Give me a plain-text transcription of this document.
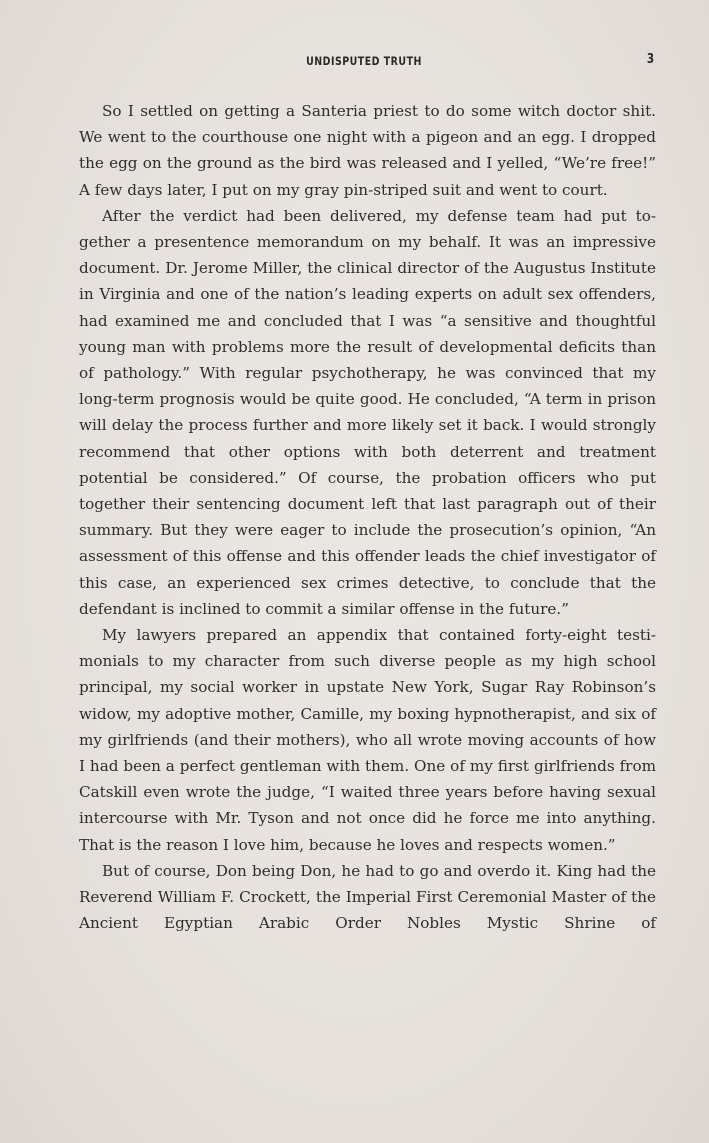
UNDISPUTED TRUTH	3

So I settled on getting a Santeria priest to do some witch doctor shit. We went to the courthouse one night with a pigeon and an egg. I dropped the egg on the ground as the bird was released and I yelled, “We’re free!” A few days later, I put on my gray pin-striped suit and went to court.

After the verdict had been delivered, my defense team had put together a presentence memorandum on my behalf. It was an impressive document. Dr. Jerome Miller, the clinical director of the Augustus Institute in Virginia and one of the nation’s leading experts on adult sex offenders, had examined me and concluded that I was “a sensitive and thoughtful young man with problems more the result of developmental deficits than of pathology.” With regular psychotherapy, he was convinced that my long-term prognosis would be quite good. He concluded, “A term in prison will delay the process further and more likely set it back. I would strongly recommend that other options with both deterrent and treatment potential be considered.” Of course, the probation officers who put together their sentencing document left that last paragraph out of their summary. But they were eager to include the prosecution’s opinion, “An assessment of this offense and this offender leads the chief investigator of this case, an experienced sex crimes detective, to conclude that the defendant is inclined to commit a similar offense in the future.”

My lawyers prepared an appendix that contained forty-eight testimonials to my character from such diverse people as my high school principal, my social worker in upstate New York, Sugar Ray Robinson’s widow, my adoptive mother, Camille, my boxing hypnotherapist, and six of my girlfriends (and their mothers), who all wrote moving accounts of how I had been a perfect gentleman with them. One of my first girlfriends from Catskill even wrote the judge, “I waited three years before having sexual intercourse with Mr. Tyson and not once did he force me into anything. That is the reason I love him, because he loves and respects women.”

But of course, Don being Don, he had to go and overdo it. King had the Reverend William F. Crockett, the Imperial First Ceremonial Master of the Ancient Egyptian Arabic Order Nobles Mystic Shrine of
